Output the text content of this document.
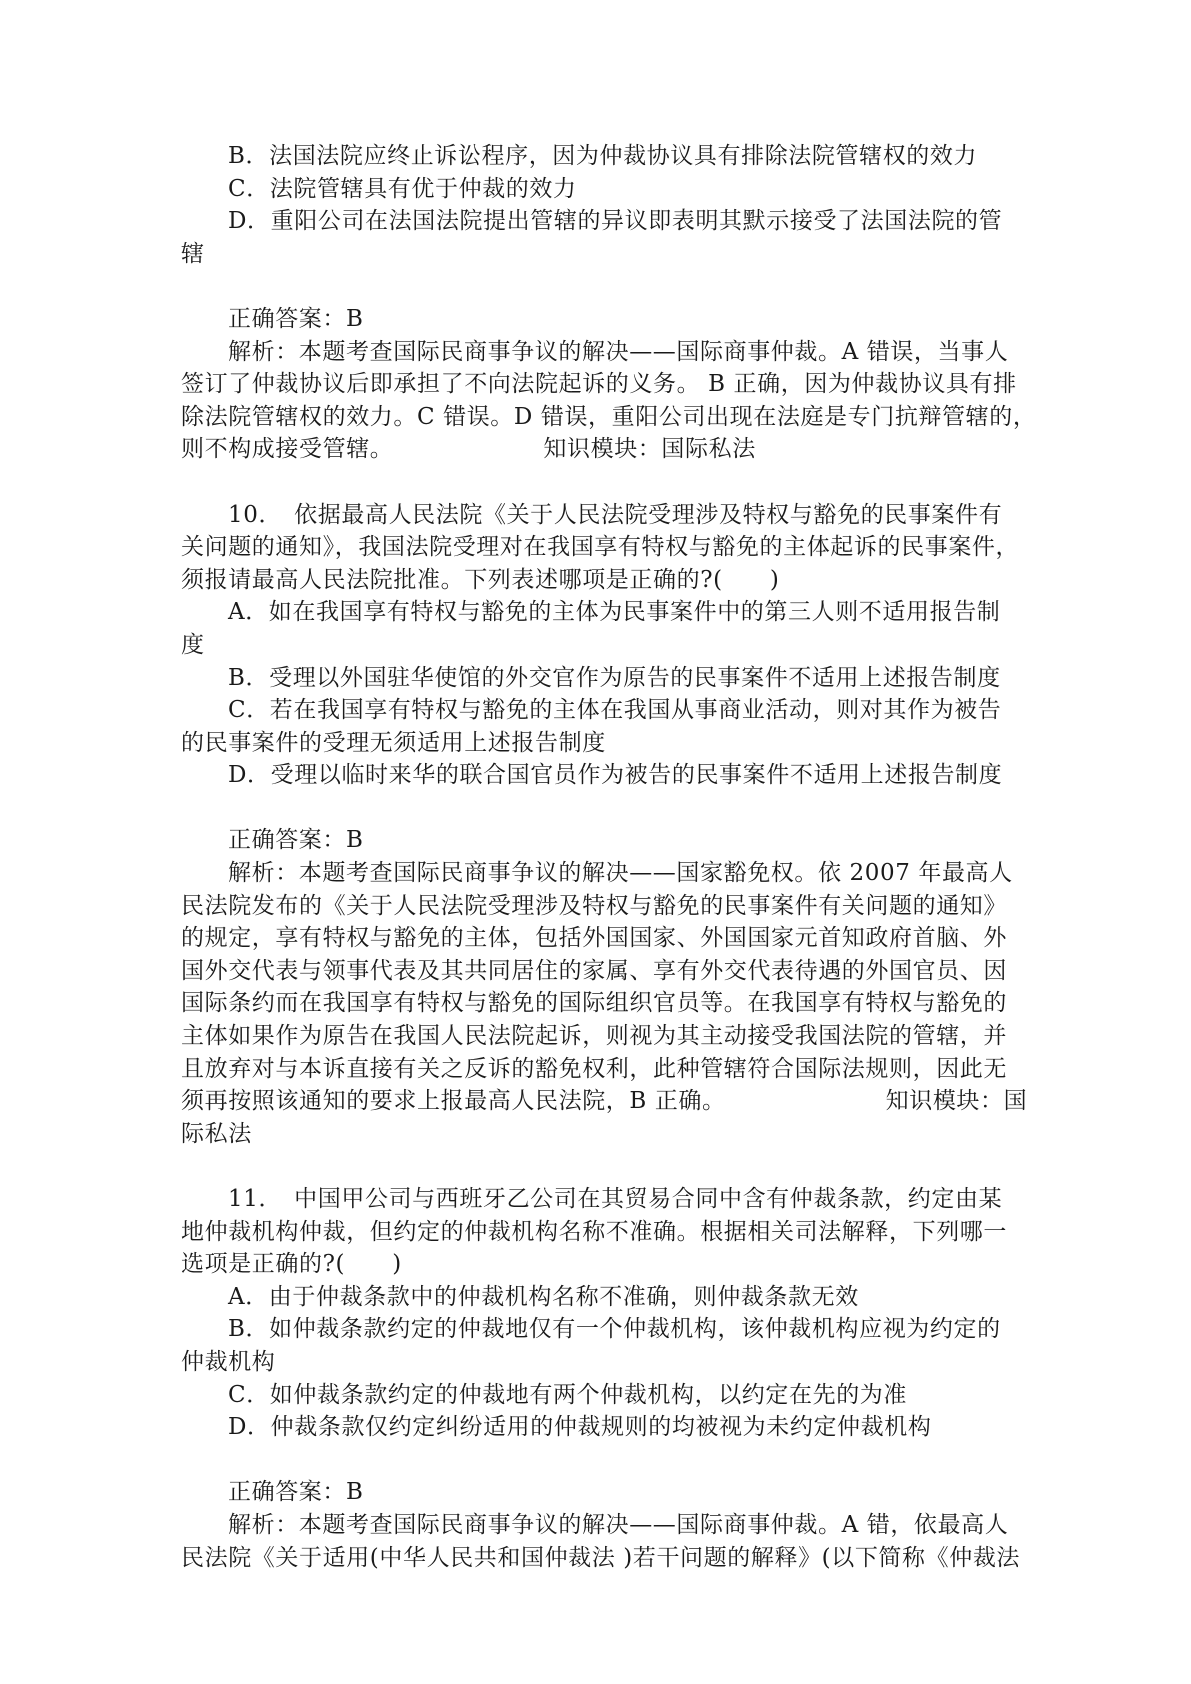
B．法国法院应终止诉讼程序，因为仲裁协议具有排除法院管辖权的效力
C．法院管辖具有优于仲裁的效力
D．重阳公司在法国法院提出管辖的异议即表明其默示接受了法国法院的管
辖
正确答案：B
解析：本题考查国际民商事争议的解决——国际商事仲裁。A 错误，当事人
签订了仲裁协议后即承担了不向法院起诉的义务。 B 正确，因为仲裁协议具有排
除法院管辖权的效力。C 错误。D 错误，重阳公司出现在法庭是专门抗辩管辖的，
则不构成接受管辖。	知识模块：国际私法
10．　依据最高人民法院《关于人民法院受理涉及特权与豁免的民事案件有
关问题的通知》，我国法院受理对在我国享有特权与豁免的主体起诉的民事案件，
须报请最高人民法院批准。下列表述哪项是正确的?(　　)
A．如在我国享有特权与豁免的主体为民事案件中的第三人则不适用报告制
度
B．受理以外国驻华使馆的外交官作为原告的民事案件不适用上述报告制度
C．若在我国享有特权与豁免的主体在我国从事商业活动，则对其作为被告
的民事案件的受理无须适用上述报告制度
D．受理以临时来华的联合国官员作为被告的民事案件不适用上述报告制度
正确答案：B
解析：本题考查国际民商事争议的解决——国家豁免权。依 2007 年最高人
民法院发布的《关于人民法院受理涉及特权与豁免的民事案件有关问题的通知》
的规定，享有特权与豁免的主体，包括外国国家、外国国家元首知政府首脑、外
国外交代表与领事代表及其共同居住的家属、享有外交代表待遇的外国官员、因
国际条约而在我国享有特权与豁免的国际组织官员等。在我国享有特权与豁免的
主体如果作为原告在我国人民法院起诉，则视为其主动接受我国法院的管辖，并
且放弃对与本诉直接有关之反诉的豁免权利，此种管辖符合国际法规则，因此无
须再按照该通知的要求上报最高人民法院，B 正确。	知识模块：国
际私法
11．　中国甲公司与西班牙乙公司在其贸易合同中含有仲裁条款，约定由某
地仲裁机构仲裁，但约定的仲裁机构名称不准确。根据相关司法解释，下列哪一
选项是正确的?(　　)
A．由于仲裁条款中的仲裁机构名称不准确，则仲裁条款无效
B．如仲裁条款约定的仲裁地仅有一个仲裁机构，该仲裁机构应视为约定的
仲裁机构
C．如仲裁条款约定的仲裁地有两个仲裁机构，以约定在先的为准
D．仲裁条款仅约定纠纷适用的仲裁规则的均被视为未约定仲裁机构
正确答案：B
解析：本题考查国际民商事争议的解决——国际商事仲裁。A 错，依最高人
民法院《关于适用(中华人民共和国仲裁法 )若干问题的解释》(以下简称《仲裁法
